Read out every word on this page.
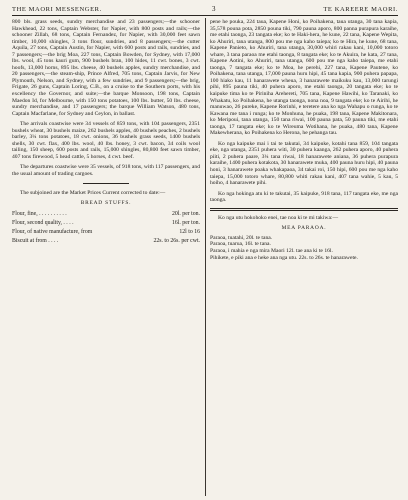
THE MAORI MESSENGER.	3	TE KAREERE MAORI.

800 bls. grass seeds, sundry merchandise and 23 passengers;—the schooner Hawkhead, 22 tons, Captain Webster, for Napier, with 800 posts and rails;—the schooner Zillah, 68 tons, Captain Fernandez, for Napier, with 30,000 feet sawn timber, 10,000 shingles, 3 tons flour, sundries, and 8 passengers;—the cutter Aquila, 27 tons, Captain Austin, for Napier, with 600 posts and rails, sundries, and 7 passengers;—the brig Moa, 227 tons, Captain Bowden, for Sydney, with 17,000 lbs. wool, 45 tons kauri gum, 900 bushels bran, 100 hides, 11 cwt. bones, 3 cwt. hoofs, 13,000 horns, 895 lbs. cheese, 40 bushels apples, sundry merchandise, and 20 passengers,—the steam-ship, Prince Alfred, 705 tons, Captain Jarvis, for New Plymouth, Nelson, and Sydney, with a few sundries, and 9 passengers;—the brig, Frigate, 26 guns, Captain Loring, C.B., on a cruise to the Southern ports, with his excellency the Governor, and suite;—the barque Monsoon, 198 tons, Captain Maedon Id, for Melbourne, with 150 tons potatoes, 100 lbs. butter, 50 lbs. cheese, sundry merchandise, and 17 passengers; the barque William Watson, 480 tons, Captain Macfarlane, for Sydney and Ceylon, in ballast.

The arrivals coastwise were 34 vessels of 859 tons, with 104 passengers, 2351 bushels wheat, 30 bushels maize, 262 bushels apples, 40 bushels peaches, 2 bushels barley, 3¼ tons potatoes, 18 cwt. onions, 36 bushels grass seeds, 1400 bushels shells, 30 cwt. flax, 400 lbs. wool, 40 lbs. honey, 3 cwt. bacon, 34 coils wool tailing, 150 sheep, 600 posts and rails, 15,000 shingles, 80,800 feet sawn timber, 407 tons firewood, 5 head cattle, 5 horses, 4 cwt. beef.

The departures coastwise were 35 vessels, of 918 tons, with 117 passengers, and the usual amount of trading cargoes.

The subjoined are the Market Prices Current corrected to date:—

BREAD STUFFS.
Flour, fine, . . . . . . . . . .	20l. per ton.
Flour, second quality, . . . .	16l. per ton.
Flour, of native manufacture, from	12l to 16
Biscuit at from . . . .	22s. to 26s. per cwt.

pene he pouka, 224 taua, Kapene Honi, ko Poihakena, taua utanga, 30 tana kapia, 35,578 pouna pota, 2850 pouna tiki, 790 pauna aporo, 800 panna purapura karaihe, me etahi taonga, 23 tangata eke; ko te Haki-hera, he kune, 22 tana, Kapene Wepita, ko Ahuriri, tana utanga, 800 pou me nga kaho taiepa; ko te Hira, he kune, 68 tana, Kapene Panieto, ko Ahuriri, tana utanga, 30,000 whiri rakau kani, 10,000 totoro whare, 3 tana paraoa me etahi taonga, 8 tangata eke; ko te Akuira, he kata, 27 tana, Kapene Aotini, ko Ahuriri, tana utanga, 600 pou me nga kaho taiepa, me etahi taonga, 7 tangata eke; ko te Moa, he perehi, 227 tana, Kapene Pautene, ko Poihakena, tana utanga, 17,000 pauna huru hipi, 45 tana kapia, 900 puhera papapa, 100 hiako kau, 11 hanarawete wheua, 3 hanarawete maikuku kau, 13,000 tarungi pihi, 895 pauna tiki, 40 puhera aporo, me etahi taonga, 20 tangata eke; ko te kaipuke tima ko te Piriniha Arehereti, 705 tana, Kapene Hawihi, ko Taranaki, ko Whakatu, ko Poihakena, he utanga taonga, nona noa, 9 tangata eke; ko te Airihi, he manuwao, 26 pureke, Kapene Rorinhi, e teretere ana ko nga Wahapu o runga, ko te Kawana me tana i runga; ko te Monhuna, he puaka, 198 tana, Kapene Makitonara, ko Meripoui, tana utanga, 150 tana riwai, 100 pauna pata, 50 pauna tiki, me etahi taonga, 17 tangata eke; ko te Wireuma Wotihana, he puaka, 480 tana, Kapene Makewherana, ko Poihakena ko Herona, he pehanga tau.

Ko nga kaipuke mai i tai te takutai, 34 kaipuke, kotahi tana 859, 104 tangata eke, nga utanga, 2351 puhera witi, 30 puhera kaanga, 262 puhera aporo, 40 puhera piiti, 2 puhera paare, 3¼ tana riwai, 18 hanarawete aniana, 36 puhera purapura karaihe, 1400 puhera kotakota, 30 hanarawete muka, 400 pauna huru hipi, 40 pauna honi, 3 hanarawete poaka whakapaoa, 34 takai roi, 150 hipi, 600 pou me nga kaho taiepa, 15,000 totoro whare, 80,800 whiti rakau kani, 407 tana wahie, 5 kau, 5 hoiho, 4 hanarawete pihi.

Ko nga hokinga atu ki te takutai, 35 kaipuke, 918 tana, 117 tangata eke, me nga taonga.

Ko nga utu hokohoko enei, tae noa ki te mi takiwa:—

MEA PARAOA.

Paraoa, tuatahi, 20l. te tana.

Paraoa, tuarua, 16l. te tana.

Paraoa, i mahia e nga mira Maori 12l. tae ana ki te 16l.

Pihikete, e piki ana e heke ana nga utu. 22s. to 26s. te hanarawete.
